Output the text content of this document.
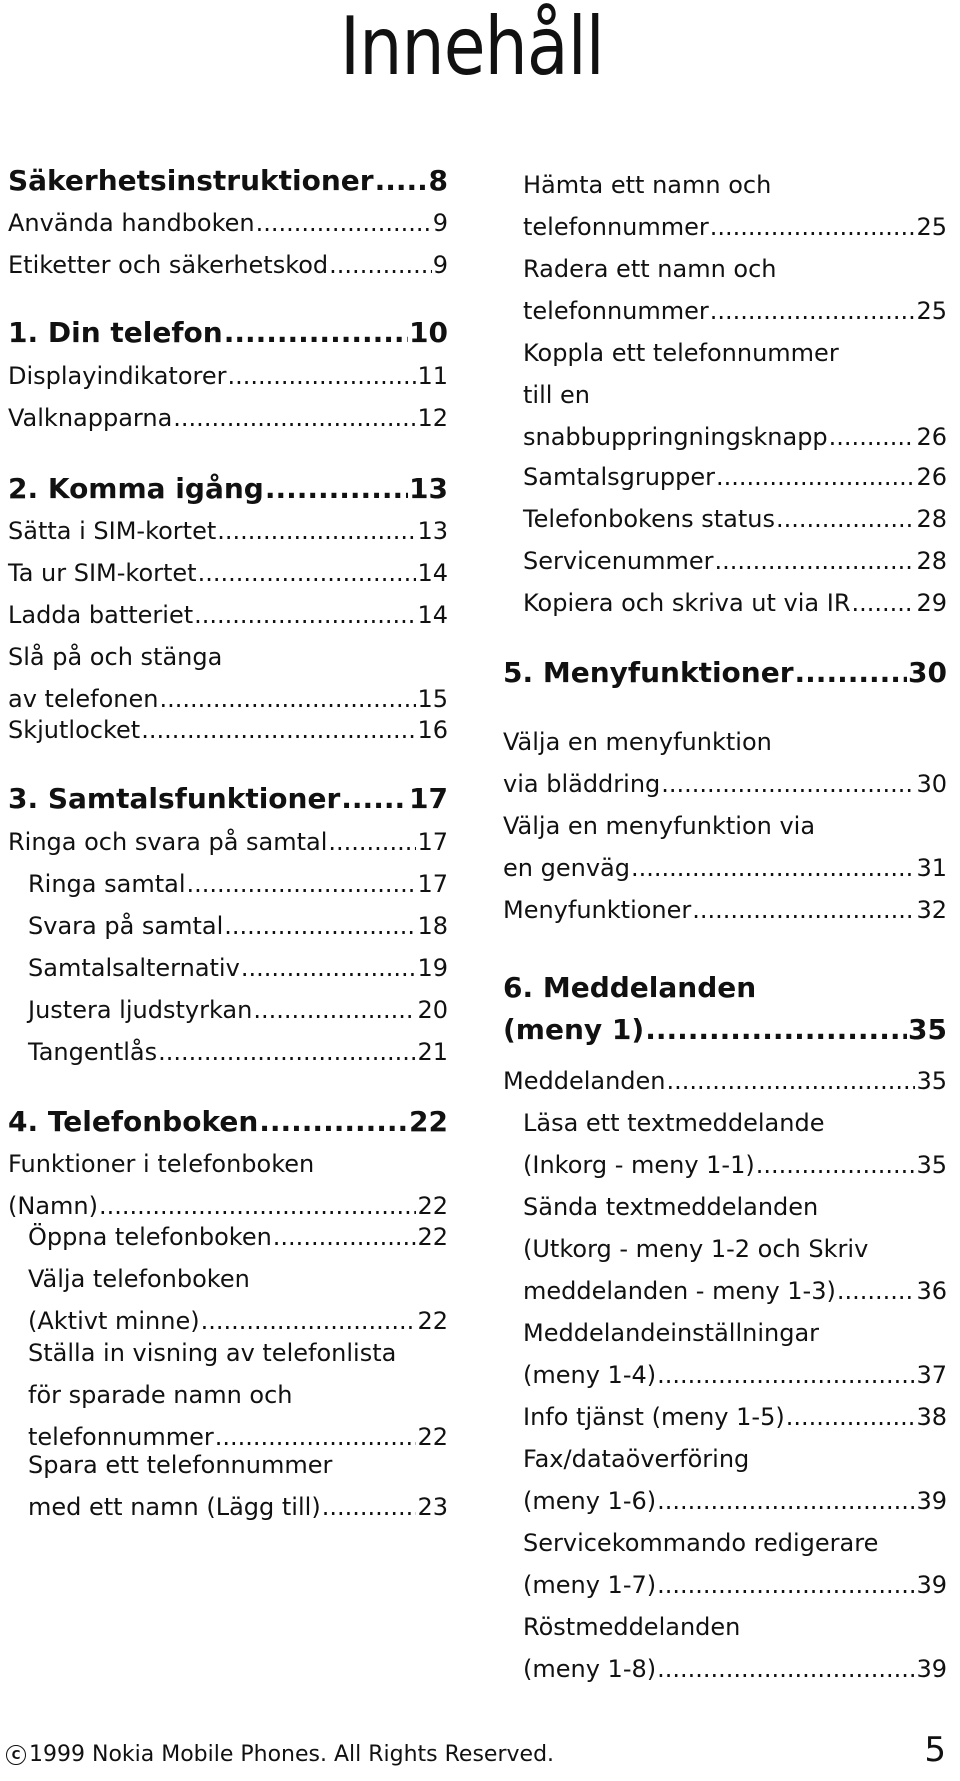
Innehåll
Säkerhetsinstruktioner ..... 8
Använda handboken .....	9
Etiketter och säkerhetskod .....	9
1. Din telefon .....	10
Displayindikatorer .....	11
Valknapparna .....	12
2. Komma igång .....	13
Sätta i SIM-kortet .....	13
Ta ur SIM-kortet .....	14
Ladda batteriet .....	14
Slå på och stänga
av telefonen .....	15
Skjutlocket .....	16
3. Samtalsfunktioner ..... 17
Ringa och svara på samtal .....	17
Ringa samtal .....	17
Svara på samtal .....	18
Samtalsalternativ .....	19
Justera ljudstyrkan .....	20
Tangentlås .....	21
4. Telefonboken .....	22
Funktioner i telefonboken
(Namn) .....	22
Öppna telefonboken .....	22
Välja telefonboken
(Aktivt minne) .....	22
Ställa in visning av telefonlista
för sparade namn och
telefonnummer .....	22
Spara ett telefonnummer
med ett namn (Lägg till) .....	23
Hämta ett namn och
telefonnummer .....	25
Radera ett namn och
telefonnummer .....	25
Koppla ett telefonnummer
till en
snabbuppringningsknapp .....	26
Samtalsgrupper .....	26
Telefonbokens status .....	28
Servicenummer .....	28
Kopiera och skriva ut via IR .....	29
5. Menyfunktioner .....	30
Välja en menyfunktion
via bläddring .....	30
Välja en menyfunktion via
en genväg .....	31
Menyfunktioner .....	32
6. Meddelanden
(meny 1) .....	35
Meddelanden .....	35
Läsa ett textmeddelande
(Inkorg - meny 1-1) .....	35
Sända textmeddelanden
(Utkorg - meny 1-2 och Skriv
meddelanden - meny 1-3) .....	36
Meddelandeinställningar
(meny 1-4) .....	37
Info tjänst (meny 1-5) .....	38
Fax/dataöverföring
(meny 1-6) .....	39
Servicekommando redigerare
(meny 1-7) .....	39
Röstmeddelanden
(meny 1-8) .....	39
C 1999 Nokia Mobile Phones. All Rights Reserved.	5
